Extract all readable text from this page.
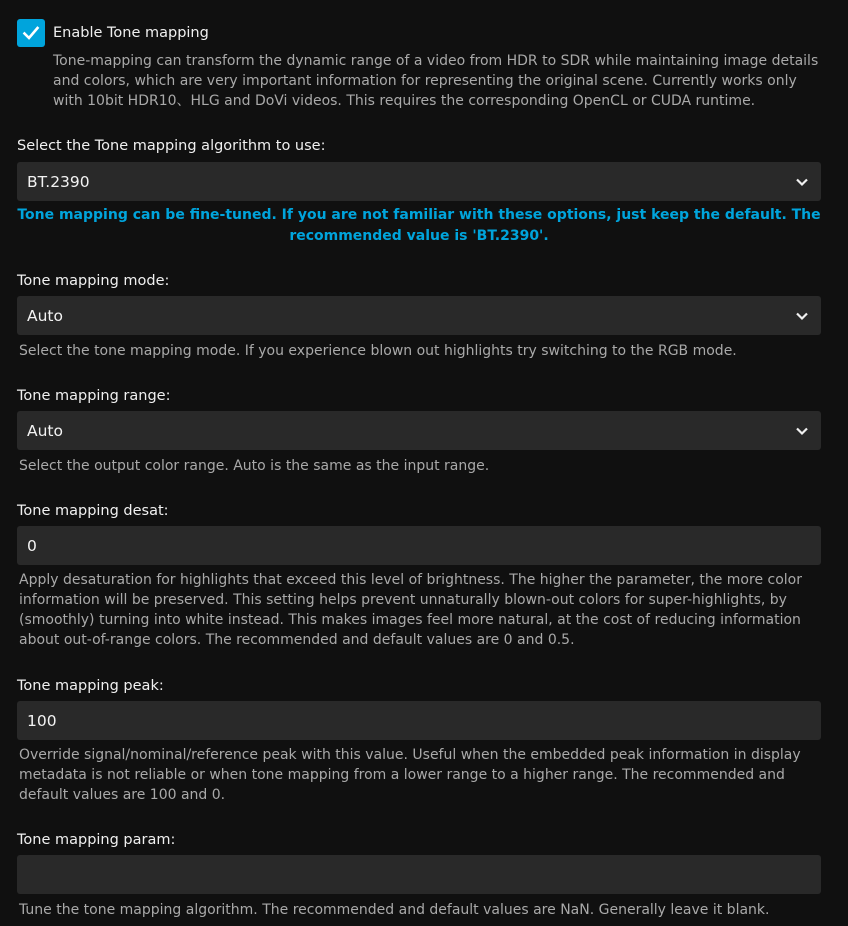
Enable Tone mapping
Tone-mapping can transform the dynamic range of a video from HDR to SDR while maintaining image details and colors, which are very important information for representing the original scene. Currently works only with 10bit HDR10、HLG and DoVi videos. This requires the corresponding OpenCL or CUDA runtime.
Select the Tone mapping algorithm to use:
BT.2390
Tone mapping can be fine-tuned. If you are not familiar with these options, just keep the default. The recommended value is 'BT.2390'.
Tone mapping mode:
Auto
Select the tone mapping mode. If you experience blown out highlights try switching to the RGB mode.
Tone mapping range:
Auto
Select the output color range. Auto is the same as the input range.
Tone mapping desat:
0
Apply desaturation for highlights that exceed this level of brightness. The higher the parameter, the more color information will be preserved. This setting helps prevent unnaturally blown-out colors for super-highlights, by (smoothly) turning into white instead. This makes images feel more natural, at the cost of reducing information about out-of-range colors. The recommended and default values are 0 and 0.5.
Tone mapping peak:
100
Override signal/nominal/reference peak with this value. Useful when the embedded peak information in display metadata is not reliable or when tone mapping from a lower range to a higher range. The recommended and default values are 100 and 0.
Tone mapping param:
Tune the tone mapping algorithm. The recommended and default values are NaN. Generally leave it blank.
